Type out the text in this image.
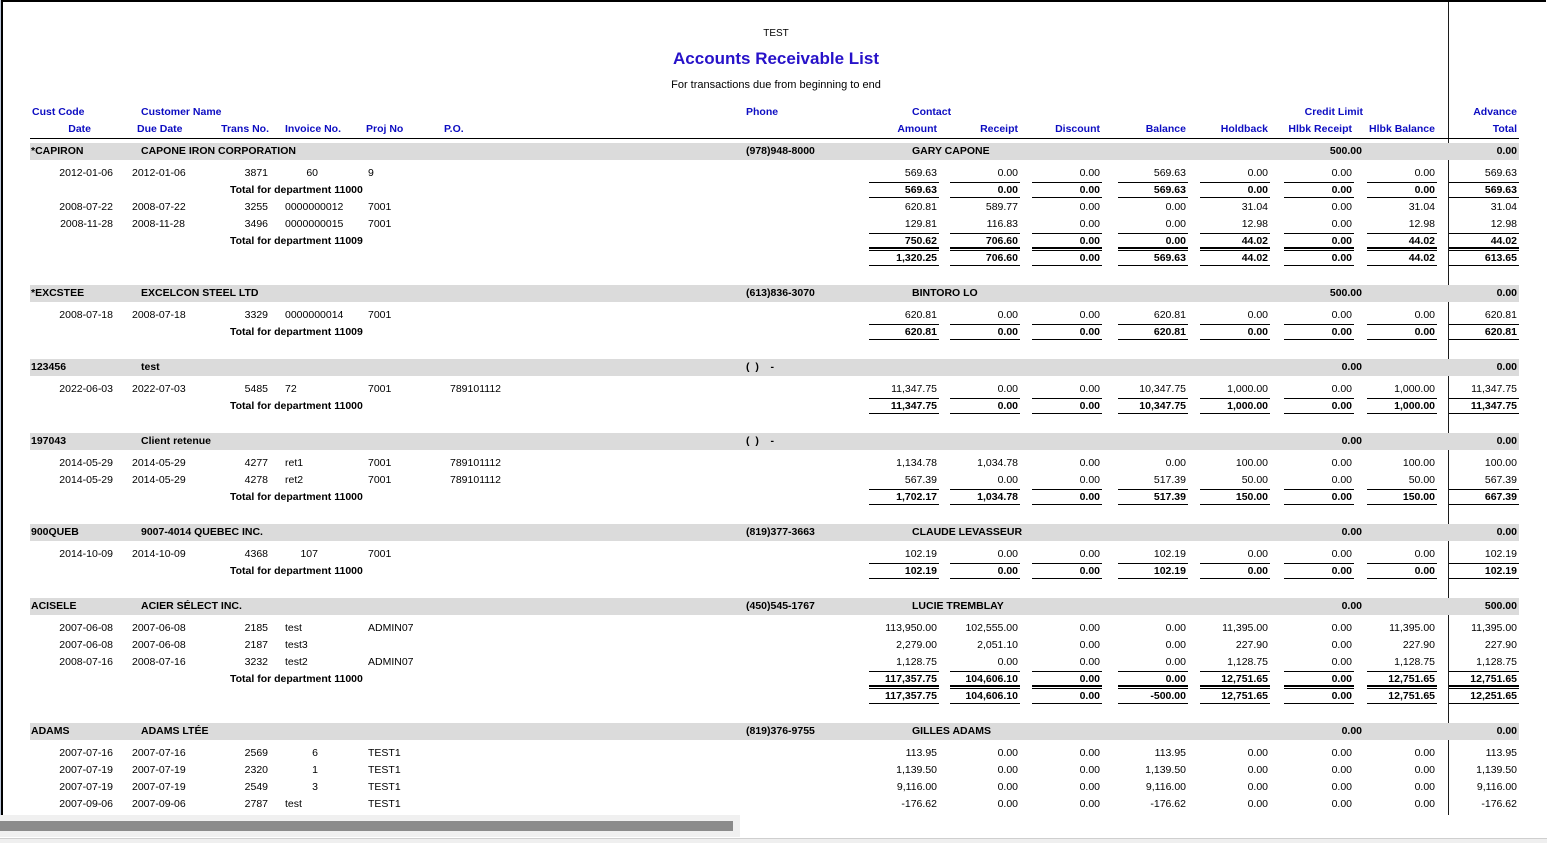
TEST
Accounts Receivable List
For transactions due from beginning to end
Cust Code	Customer Name	Phone	Contact	Credit Limit	Advance
Date	Due Date	Trans No. Invoice No. Proj No	P.O.	Amount	Receipt	Discount	Balance	Holdback Hlbk Receipt Hlbk Balance	Total
*CAPIRON	CAPONE IRON CORPORATION	(978)948-8000	GARY CAPONE	500.00	0.00
2012-01-06 2012-01-06	3871	60	9	569.63	0.00	0.00	569.63	0.00	0.00	0.00	569.63
Total for department 11000	569.63	0.00	0.00	569.63	0.00	0.00	0.00	569.63
2008-07-22 2008-07-22	3255 0000000012 7001	620.81	589.77	0.00	0.00	31.04	0.00	31.04	31.04
2008-11-28 2008-11-28	3496 0000000015 7001	129.81	116.83	0.00	0.00	12.98	0.00	12.98	12.98
Total for department 11009	750.62	706.60	0.00	0.00	44.02	0.00	44.02	44.02
1,320.25	706.60	0.00	569.63	44.02	0.00	44.02	613.65
*EXCSTEE	EXCELCON STEEL LTD	(613)836-3070	BINTORO LO	500.00	0.00
2008-07-18 2008-07-18	3329 0000000014 7001	620.81	0.00	0.00	620.81	0.00	0.00	0.00	620.81
Total for department 11009	620.81	0.00	0.00	620.81	0.00	0.00	0.00	620.81
123456	test	(  )    -	0.00	0.00
2022-06-03 2022-07-03	5485 72	7001	789101112	11,347.75	0.00	0.00	10,347.75	1,000.00	0.00	1,000.00	11,347.75
Total for department 11000	11,347.75	0.00	0.00	10,347.75	1,000.00	0.00	1,000.00	11,347.75
197043	Client retenue	(  )    -	0.00	0.00
2014-05-29 2014-05-29	4277 ret1	7001	789101112	1,134.78	1,034.78	0.00	0.00	100.00	0.00	100.00	100.00
2014-05-29 2014-05-29	4278 ret2	7001	789101112	567.39	0.00	0.00	517.39	50.00	0.00	50.00	567.39
Total for department 11000	1,702.17	1,034.78	0.00	517.39	150.00	0.00	150.00	667.39
900QUEB	9007-4014 QUEBEC INC.	(819)377-3663	CLAUDE LEVASSEUR	0.00	0.00
2014-10-09 2014-10-09	4368	107	7001	102.19	0.00	0.00	102.19	0.00	0.00	0.00	102.19
Total for department 11000	102.19	0.00	0.00	102.19	0.00	0.00	0.00	102.19
ACISELE	ACIER SÉLECT INC.	(450)545-1767	LUCIE TREMBLAY	0.00	500.00
2007-06-08 2007-06-08	2185 test	ADMIN07	113,950.00	102,555.00	0.00	0.00	11,395.00	0.00	11,395.00	11,395.00
2007-06-08 2007-06-08	2187 test3	2,279.00	2,051.10	0.00	0.00	227.90	0.00	227.90	227.90
2008-07-16 2008-07-16	3232 test2	ADMIN07	1,128.75	0.00	0.00	0.00	1,128.75	0.00	1,128.75	1,128.75
Total for department 11000	117,357.75	104,606.10	0.00	0.00	12,751.65	0.00	12,751.65	12,751.65
117,357.75	104,606.10	0.00	-500.00	12,751.65	0.00	12,751.65	12,251.65
ADAMS	ADAMS LTÉE	(819)376-9755	GILLES ADAMS	0.00	0.00
2007-07-16 2007-07-16	2569	6	TEST1	113.95	0.00	0.00	113.95	0.00	0.00	0.00	113.95
2007-07-19 2007-07-19	2320	1	TEST1	1,139.50	0.00	0.00	1,139.50	0.00	0.00	0.00	1,139.50
2007-07-19 2007-07-19	2549	3	TEST1	9,116.00	0.00	0.00	9,116.00	0.00	0.00	0.00	9,116.00
2007-09-06 2007-09-06	2787 test	TEST1	-176.62	0.00	0.00	-176.62	0.00	0.00	0.00	-176.62
